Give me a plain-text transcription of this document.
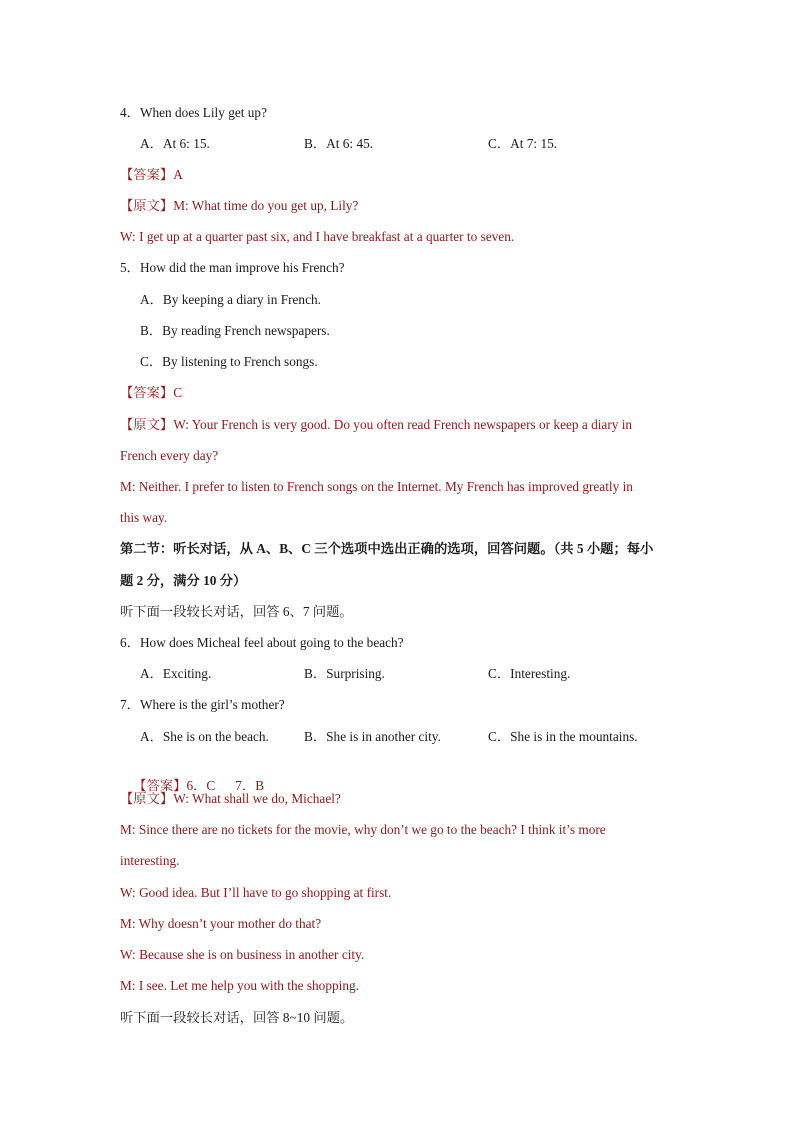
4．When does Lily get up?
A．At 6: 15.	B．At 6: 45.	C．At 7: 15.
【答案】A
【原文】M: What time do you get up, Lily?
W: I get up at a quarter past six, and I have breakfast at a quarter to seven.
5．How did the man improve his French?
A．By keeping a diary in French.
B．By reading French newspapers.
C．By listening to French songs.
【答案】C
【原文】W: Your French is very good. Do you often read French newspapers or keep a diary in
French every day?
M: Neither. I prefer to listen to French songs on the Internet. My French has improved greatly in
this way.
第二节：听长对话，从 A、B、C 三个选项中选出正确的选项，回答问题。（共 5 小题；每小
题 2 分，满分 10 分）
听下面一段较长对话，回答 6、7 问题。
6．How does Micheal feel about going to the beach?
A．Exciting.	B．Surprising.	C．Interesting.
7．Where is the girl’s mother?
A．She is on the beach.	B．She is in another city.	C．She is in the mountains.

【答案】6．C      7．B

【原文】W: What shall we do, Michael?
M: Since there are no tickets for the movie, why don’t we go to the beach? I think it’s more
interesting.
W: Good idea. But I’ll have to go shopping at first.
M: Why doesn’t your mother do that?
W: Because she is on business in another city.
M: I see. Let me help you with the shopping.
听下面一段较长对话，回答 8~10 问题。
